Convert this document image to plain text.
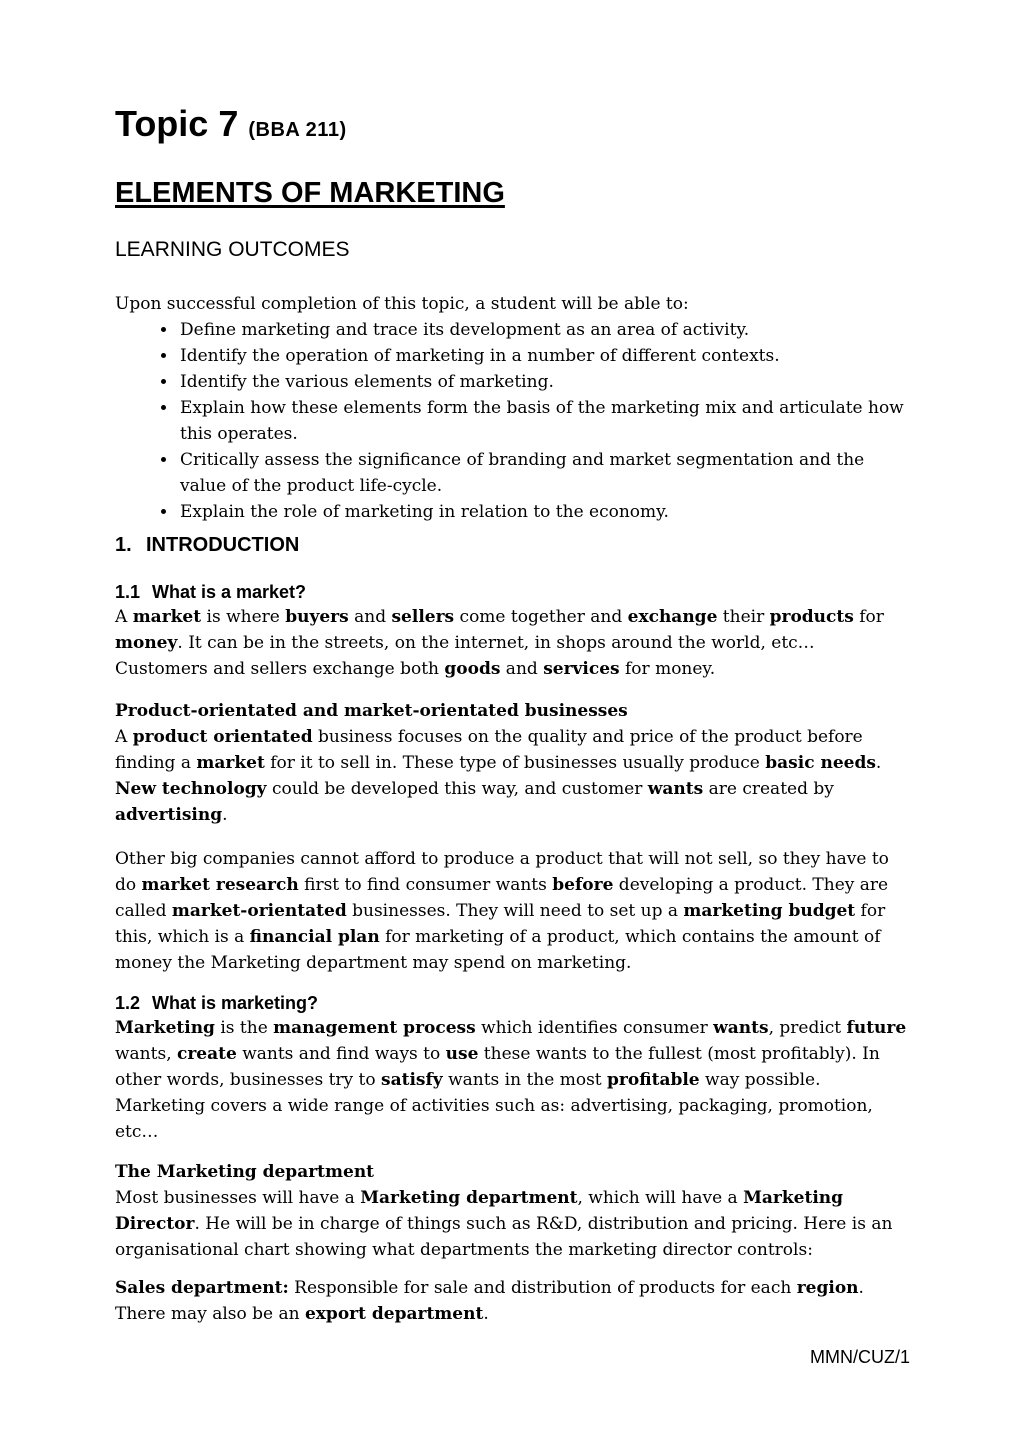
Topic 7 (BBA 211)
ELEMENTS OF MARKETING
LEARNING OUTCOMES

Upon successful completion of this topic, a student will be able to:

• Define marketing and trace its development as an area of activity.
• Identify the operation of marketing in a number of different contexts.
• Identify the various elements of marketing.
• Explain how these elements form the basis of the marketing mix and articulate how this operates.
• Critically assess the significance of branding and market segmentation and the value of the product life-cycle.
• Explain the role of marketing in relation to the economy.
1. INTRODUCTION
1.1 What is a market?

A market is where buyers and sellers come together and exchange their products for money. It can be in the streets, on the internet, in shops around the world, etc… Customers and sellers exchange both goods and services for money.

Product-orientated and market-orientated businesses

A product orientated business focuses on the quality and price of the product before finding a market for it to sell in. These type of businesses usually produce basic needs. New technology could be developed this way, and customer wants are created by advertising.

Other big companies cannot afford to produce a product that will not sell, so they have to do market research first to find consumer wants before developing a product. They are called market-orientated businesses. They will need to set up a marketing budget for this, which is a financial plan for marketing of a product, which contains the amount of money the Marketing department may spend on marketing.

1.2 What is marketing?

Marketing is the management process which identifies consumer wants, predict future wants, create wants and find ways to use these wants to the fullest (most profitably). In other words, businesses try to satisfy wants in the most profitable way possible. Marketing covers a wide range of activities such as: advertising, packaging, promotion, etc…

The Marketing department

Most businesses will have a Marketing department, which will have a Marketing Director. He will be in charge of things such as R&D, distribution and pricing. Here is an organisational chart showing what departments the marketing director controls:

Sales department: Responsible for sale and distribution of products for each region. There may also be an export department.

MMN/CUZ/1
